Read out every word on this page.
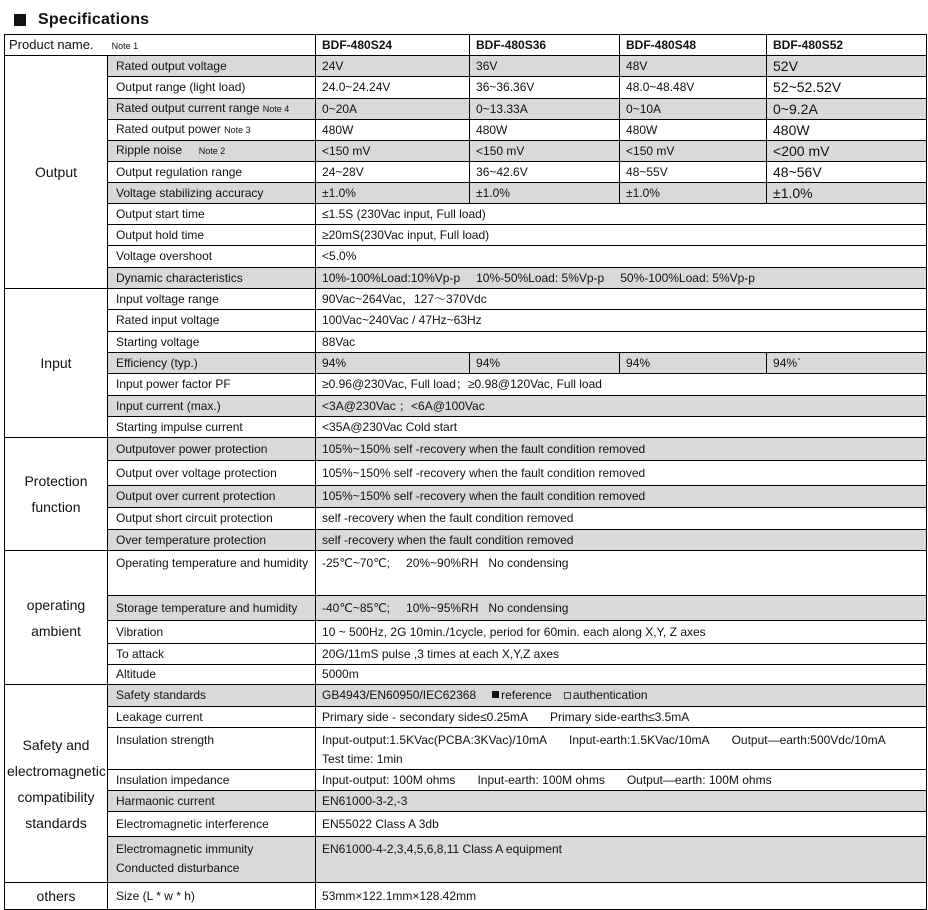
Specifications
Product name. Note 1		BDF-480S24	BDF-480S36	BDF-480S48	BDF-480S52
Output	Rated output voltage	24V	36V	48V	52V
	Output range (light load)	24.0~24.24V	36~36.36V	48.0~48.48V	52~52.52V
	Rated output current range Note 4	0~20A	0~13.33A	0~10A	0~9.2A
	Rated output power Note 3	480W	480W	480W	480W
	Ripple noise Note 2	<150 mV	<150 mV	<150 mV	<200 mV
	Output regulation range	24~28V	36~42.6V	48~55V	48~56V
	Voltage stabilizing accuracy	±1.0%	±1.0%	±1.0%	±1.0%
	Output start time	≤1.5S (230Vac input, Full load)			
	Output hold time	≥20mS(230Vac input, Full load)			
	Voltage overshoot	<5.0%			
	Dynamic characteristics	10%-100%Load:10%Vp-p 10%-50%Load: 5%Vp-p 50%-100%Load: 5%Vp-p			
Input	Input voltage range	90Vac~264Vac，127～370Vdc			
	Rated input voltage	100Vac~240Vac / 47Hz~63Hz			
	Starting voltage	88Vac			
	Efficiency (typ.)	94%	94%	94%	94%`
	Input power factor PF	≥0.96@230Vac, Full load；≥0.98@120Vac, Full load			
	Input current (max.)	<3A@230Vac ；<6A@100Vac			
	Starting impulse current	<35A@230Vac Cold start			
Protection function	Outputover power protection	105%~150% self -recovery when the fault condition removed			
	Output over voltage protection	105%~150% self -recovery when the fault condition removed			
	Output over current protection	105%~150% self -recovery when the fault condition removed			
	Output short circuit protection	self -recovery when the fault condition removed			
	Over temperature protection	self -recovery when the fault condition removed			
operating ambient	Operating temperature and humidity	-25℃~70℃; 20%~90%RH No condensing			
	Storage temperature and humidity	-40℃~85℃; 10%~95%RH No condensing			
	Vibration	10 ~ 500Hz, 2G 10min./1cycle, period for 60min. each along X,Y, Z axes			
	To attack	20G/11mS pulse ,3 times at each X,Y,Z axes			
	Altitude	5000m			
Safety and electromagnetic compatibility standards	Safety standards	GB4943/EN60950/IEC62368 reference authentication			
	Leakage current	Primary side - secondary side≤0.25mA Primary side-earth≤3.5mA			
	Insulation strength	Input-output:1.5KVac(PCBA:3KVac)/10mA Input-earth:1.5KVac/10mA Output—earth:500Vdc/10mA
Test time: 1min			
	Insulation impedance	Input-output: 100M ohms Input-earth: 100M ohms Output—earth: 100M ohms			
	Harmaonic current	EN61000-3-2,-3			
	Electromagnetic interference	EN55022 Class A 3db			
	Electromagnetic immunity Conducted disturbance	EN61000-4-2,3,4,5,6,8,11 Class A equipment			
others	Size (L * w * h)	53mm×122.1mm×128.42mm			
